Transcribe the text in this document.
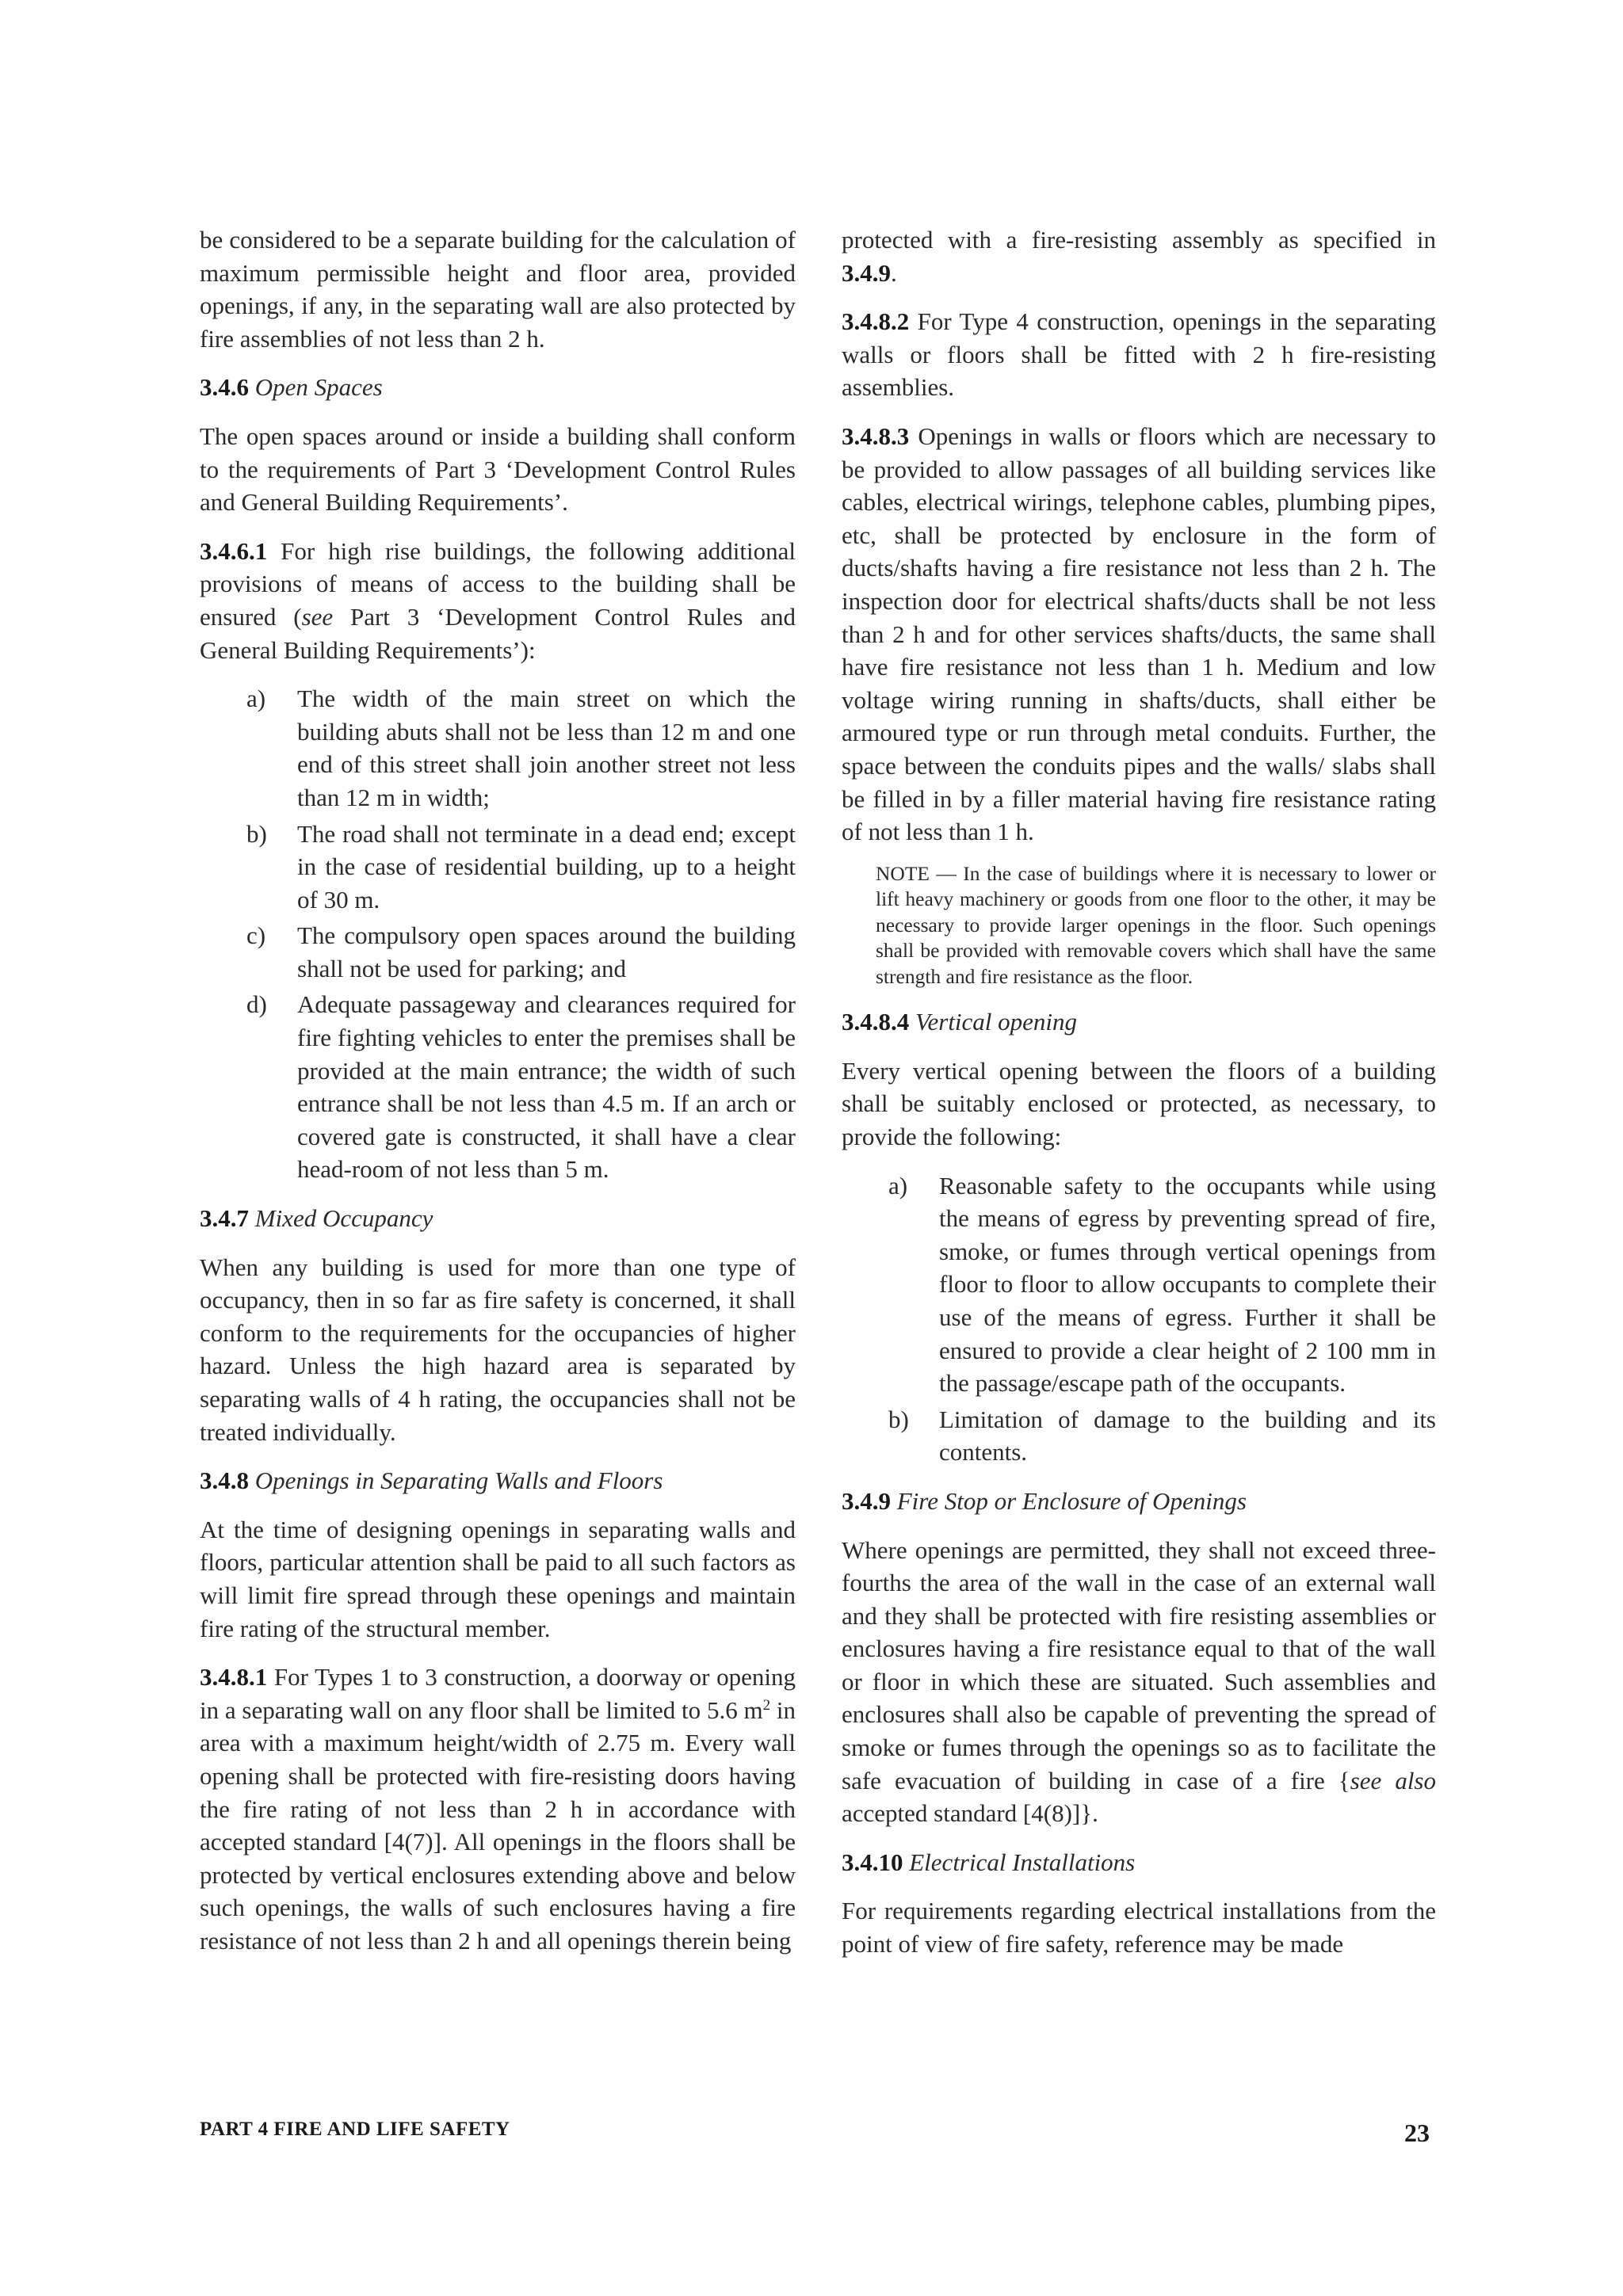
be considered to be a separate building for the calculation of maximum permissible height and floor area, provided openings, if any, in the separating wall are also protected by fire assemblies of not less than 2 h.

3.4.6 Open Spaces

The open spaces around or inside a building shall conform to the requirements of Part 3 ‘Development Control Rules and General Building Requirements’.

3.4.6.1 For high rise buildings, the following additional provisions of means of access to the building shall be ensured (see Part 3 ‘Development Control Rules and General Building Requirements’):

a) The width of the main street on which the building abuts shall not be less than 12 m and one end of this street shall join another street not less than 12 m in width;
b) The road shall not terminate in a dead end; except in the case of residential building, up to a height of 30 m.
c) The compulsory open spaces around the building shall not be used for parking; and
d) Adequate passageway and clearances required for fire fighting vehicles to enter the premises shall be provided at the main entrance; the width of such entrance shall be not less than 4.5 m. If an arch or covered gate is constructed, it shall have a clear head-room of not less than 5 m.

3.4.7 Mixed Occupancy

When any building is used for more than one type of occupancy, then in so far as fire safety is concerned, it shall conform to the requirements for the occupancies of higher hazard. Unless the high hazard area is separated by separating walls of 4 h rating, the occupancies shall not be treated individually.

3.4.8 Openings in Separating Walls and Floors

At the time of designing openings in separating walls and floors, particular attention shall be paid to all such factors as will limit fire spread through these openings and maintain fire rating of the structural member.

3.4.8.1 For Types 1 to 3 construction, a doorway or opening in a separating wall on any floor shall be limited to 5.6 $m^2$ in area with a maximum height/width of 2.75 m. Every wall opening shall be protected with fire-resisting doors having the fire rating of not less than 2 h in accordance with accepted standard [4(7)]. All openings in the floors shall be protected by vertical enclosures extending above and below such openings, the walls of such enclosures having a fire resistance of not less than 2 h and all openings therein being

protected with a fire-resisting assembly as specified in 3.4.9.

3.4.8.2 For Type 4 construction, openings in the separating walls or floors shall be fitted with 2 h fire-resisting assemblies.

3.4.8.3 Openings in walls or floors which are necessary to be provided to allow passages of all building services like cables, electrical wirings, telephone cables, plumbing pipes, etc, shall be protected by enclosure in the form of ducts/shafts having a fire resistance not less than 2 h. The inspection door for electrical shafts/ducts shall be not less than 2 h and for other services shafts/ducts, the same shall have fire resistance not less than 1 h. Medium and low voltage wiring running in shafts/ducts, shall either be armoured type or run through metal conduits. Further, the space between the conduits pipes and the walls/ slabs shall be filled in by a filler material having fire resistance rating of not less than 1 h.

NOTE — In the case of buildings where it is necessary to lower or lift heavy machinery or goods from one floor to the other, it may be necessary to provide larger openings in the floor. Such openings shall be provided with removable covers which shall have the same strength and fire resistance as the floor.

3.4.8.4 Vertical opening

Every vertical opening between the floors of a building shall be suitably enclosed or protected, as necessary, to provide the following:

a) Reasonable safety to the occupants while using the means of egress by preventing spread of fire, smoke, or fumes through vertical openings from floor to floor to allow occupants to complete their use of the means of egress. Further it shall be ensured to provide a clear height of 2 100 mm in the passage/escape path of the occupants.
b) Limitation of damage to the building and its contents.

3.4.9 Fire Stop or Enclosure of Openings

Where openings are permitted, they shall not exceed three-fourths the area of the wall in the case of an external wall and they shall be protected with fire resisting assemblies or enclosures having a fire resistance equal to that of the wall or floor in which these are situated. Such assemblies and enclosures shall also be capable of preventing the spread of smoke or fumes through the openings so as to facilitate the safe evacuation of building in case of a fire {see also accepted standard [4(8)]}.

3.4.10 Electrical Installations

For requirements regarding electrical installations from the point of view of fire safety, reference may be made

PART 4 FIRE AND LIFE SAFETY	23
